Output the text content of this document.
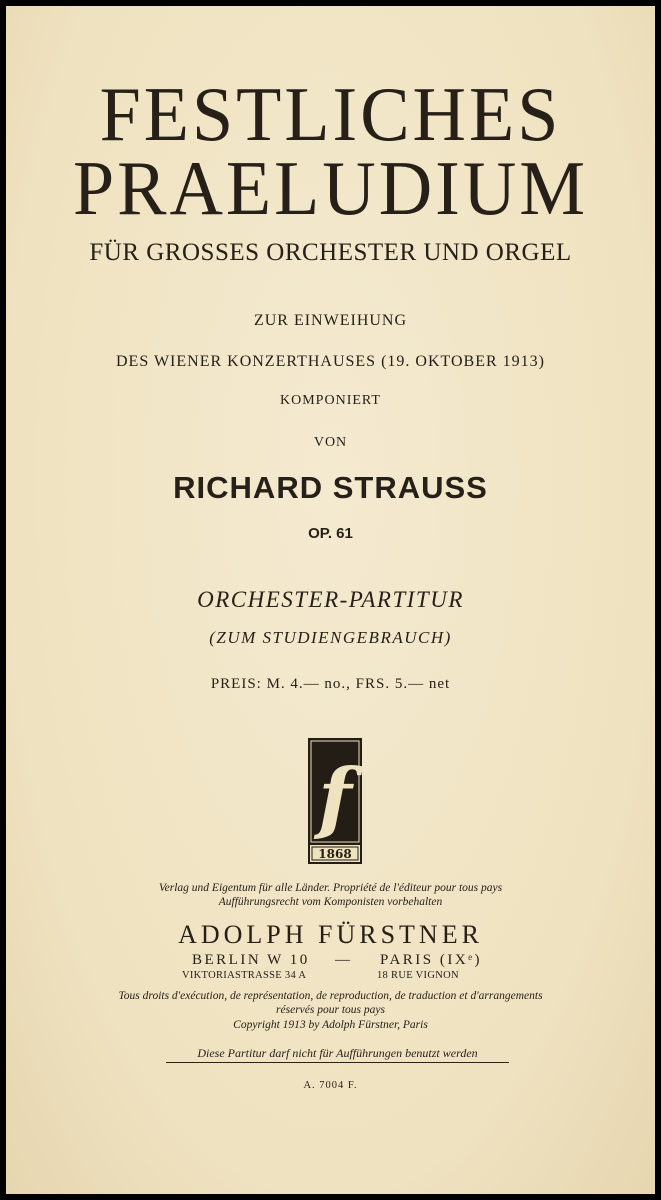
FESTLICHES
PRAELUDIUM
FÜR GROSSES ORCHESTER UND ORGEL
ZUR EINWEIHUNG
DES WIENER KONZERTHAUSES (19. OKTOBER 1913)
KOMPONIERT
VON
RICHARD STRAUSS
OP. 61
ORCHESTER-PARTITUR
(ZUM STUDIENGEBRAUCH)
PREIS: M. 4.— no., FRS. 5.— net
f
1868
Verlag und Eigentum für alle Länder. Propriété de l'éditeur pour tous pays
Aufführungsrecht vom Komponisten vorbehalten
ADOLPH FÜRSTNER
BERLIN W 10 — PARIS (IXᵉ)
VIKTORIASTRASSE 34 A	18 RUE VIGNON
Tous droits d'exécution, de représentation, de reproduction, de traduction et d'arrangements
réservés pour tous pays
Copyright 1913 by Adolph Fürstner, Paris
Diese Partitur darf nicht für Aufführungen benutzt werden
A. 7004 F.
